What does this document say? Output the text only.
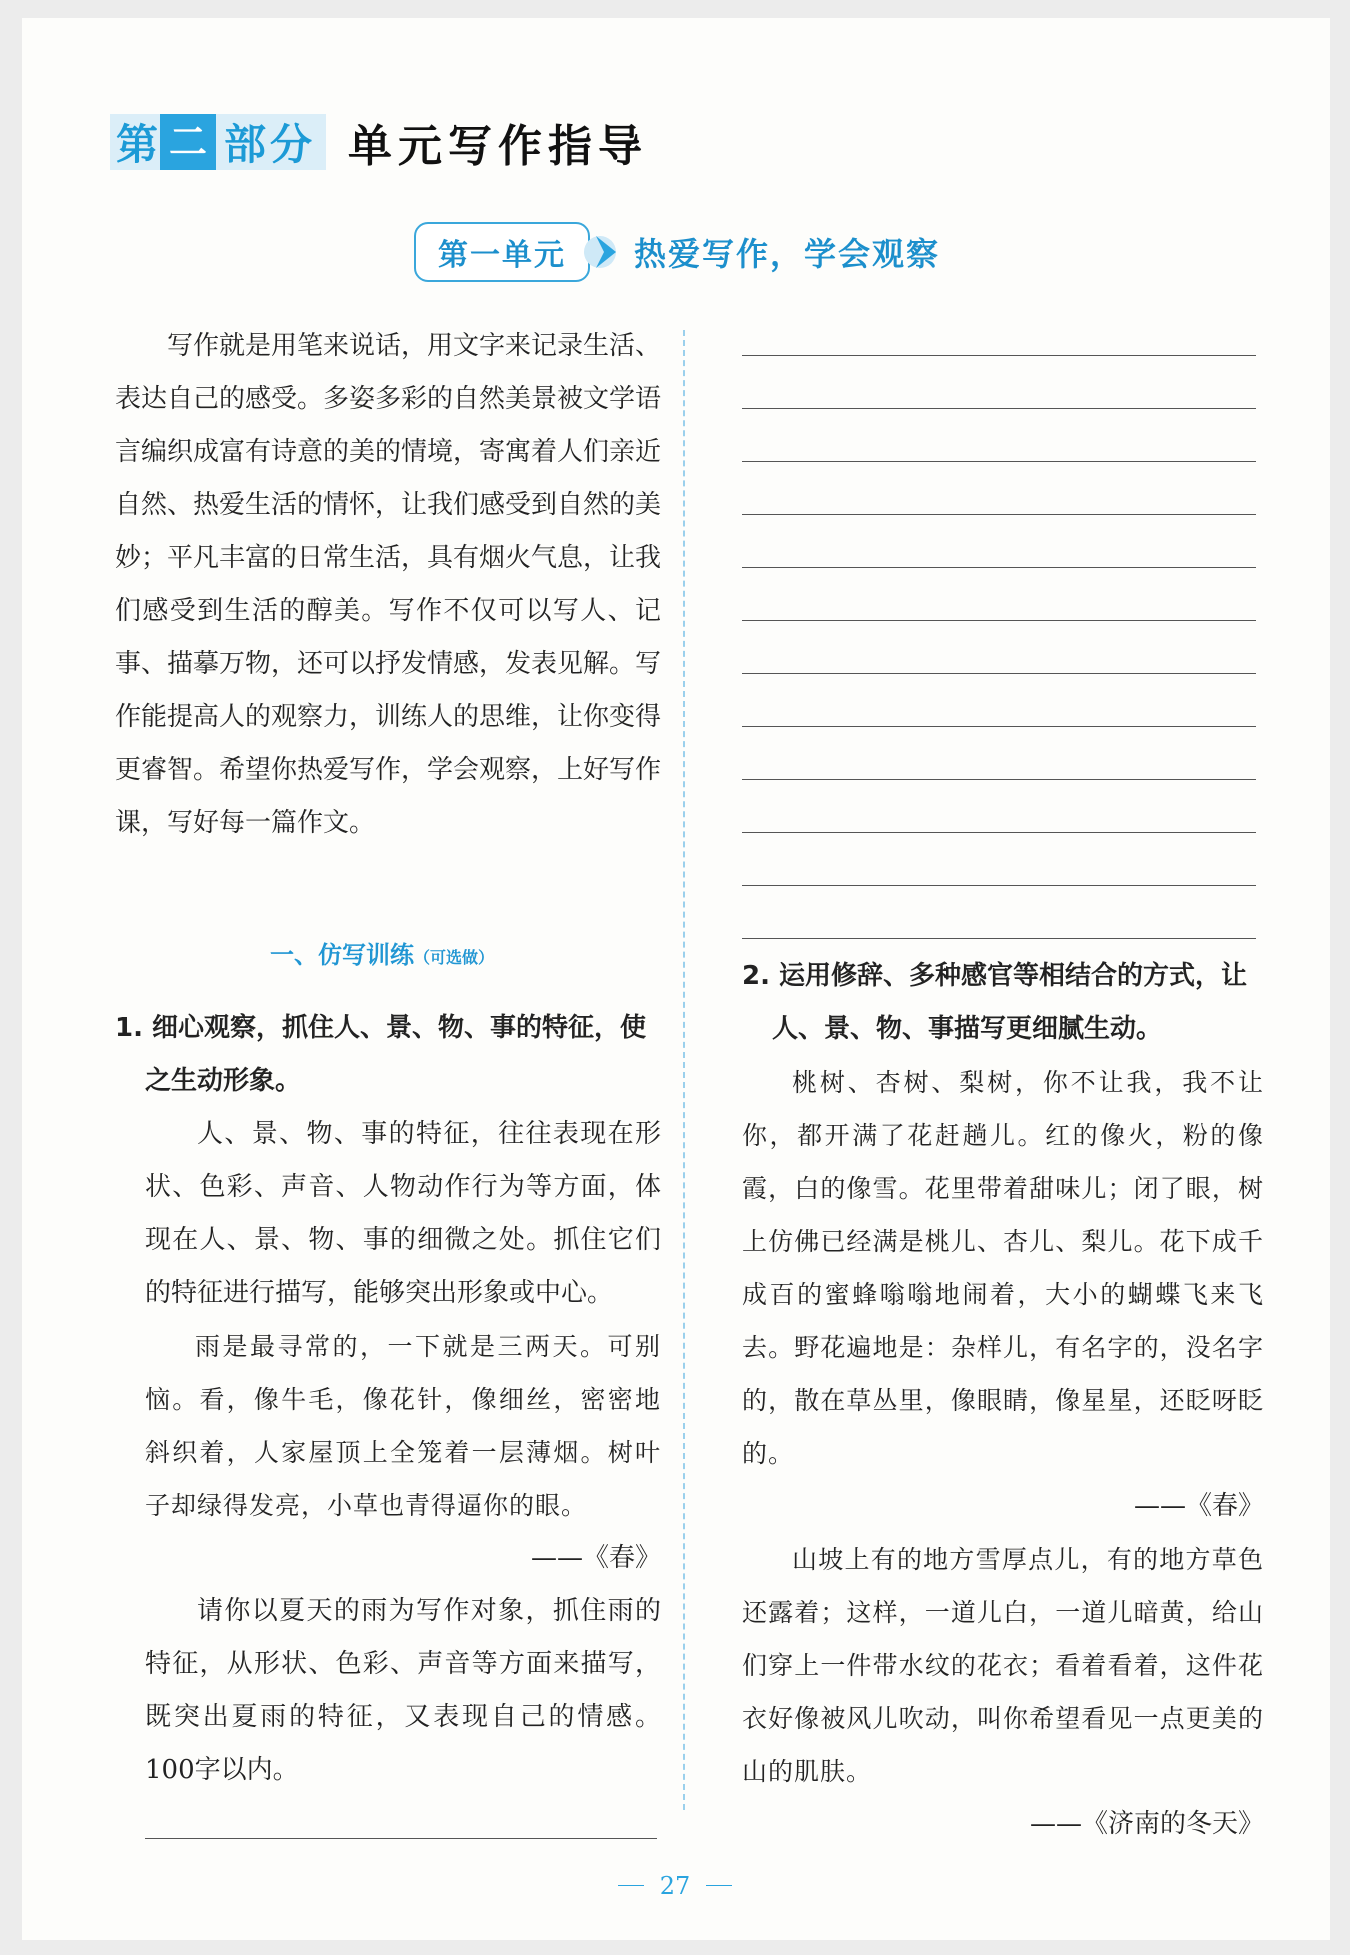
第 二 部分 单元写作指导
第一单元	热爱写作，学会观察

写作就是用笔来说话，用文字来记录生活、表达自己的感受。多姿多彩的自然美景被文学语言编织成富有诗意的美的情境，寄寓着人们亲近自然、热爱生活的情怀，让我们感受到自然的美妙；平凡丰富的日常生活，具有烟火气息，让我们感受到生活的醇美。写作不仅可以写人、记事、描摹万物，还可以抒发情感，发表见解。写作能提高人的观察力，训练人的思维，让你变得更睿智。希望你热爱写作，学会观察，上好写作课，写好每一篇作文。

一、仿写训练（可选做）

1. 细心观察，抓住人、景、物、事的特征，使之生动形象。

人、景、物、事的特征，往往表现在形状、色彩、声音、人物动作行为等方面，体现在人、景、物、事的细微之处。抓住它们的特征进行描写，能够突出形象或中心。

雨是最寻常的，一下就是三两天。可别恼。看，像牛毛，像花针，像细丝，密密地斜织着，人家屋顶上全笼着一层薄烟。树叶子却绿得发亮，小草也青得逼你的眼。

——《春》

请你以夏天的雨为写作对象，抓住雨的特征，从形状、色彩、声音等方面来描写，既突出夏雨的特征，又表现自己的情感。100字以内。

2. 运用修辞、多种感官等相结合的方式，让人、景、物、事描写更细腻生动。

桃树、杏树、梨树，你不让我，我不让你，都开满了花赶趟儿。红的像火，粉的像霞，白的像雪。花里带着甜味儿；闭了眼，树上仿佛已经满是桃儿、杏儿、梨儿。花下成千成百的蜜蜂嗡嗡地闹着，大小的蝴蝶飞来飞去。野花遍地是：杂样儿，有名字的，没名字的，散在草丛里，像眼睛，像星星，还眨呀眨的。

——《春》

山坡上有的地方雪厚点儿，有的地方草色还露着；这样，一道儿白，一道儿暗黄，给山们穿上一件带水纹的花衣；看着看着，这件花衣好像被风儿吹动，叫你希望看见一点更美的山的肌肤。

——《济南的冬天》

27
